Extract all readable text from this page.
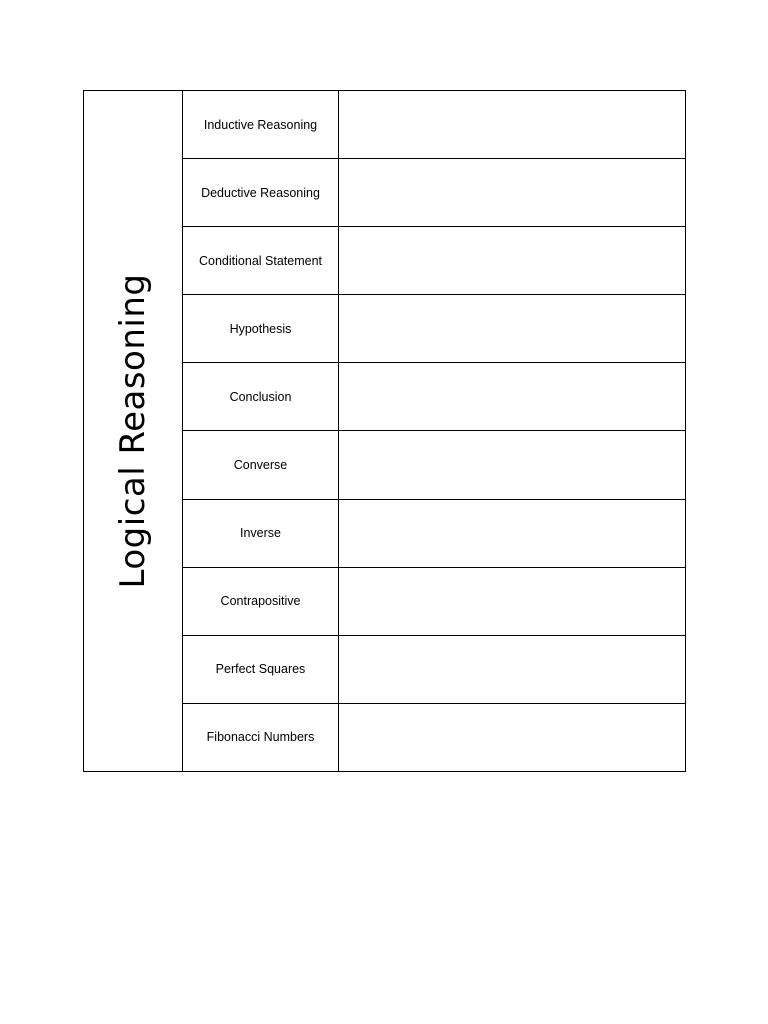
Logical Reasoning
Inductive Reasoning
Deductive Reasoning
Conditional Statement
Hypothesis
Conclusion
Converse
Inverse
Contrapositive
Perfect Squares
Fibonacci Numbers
